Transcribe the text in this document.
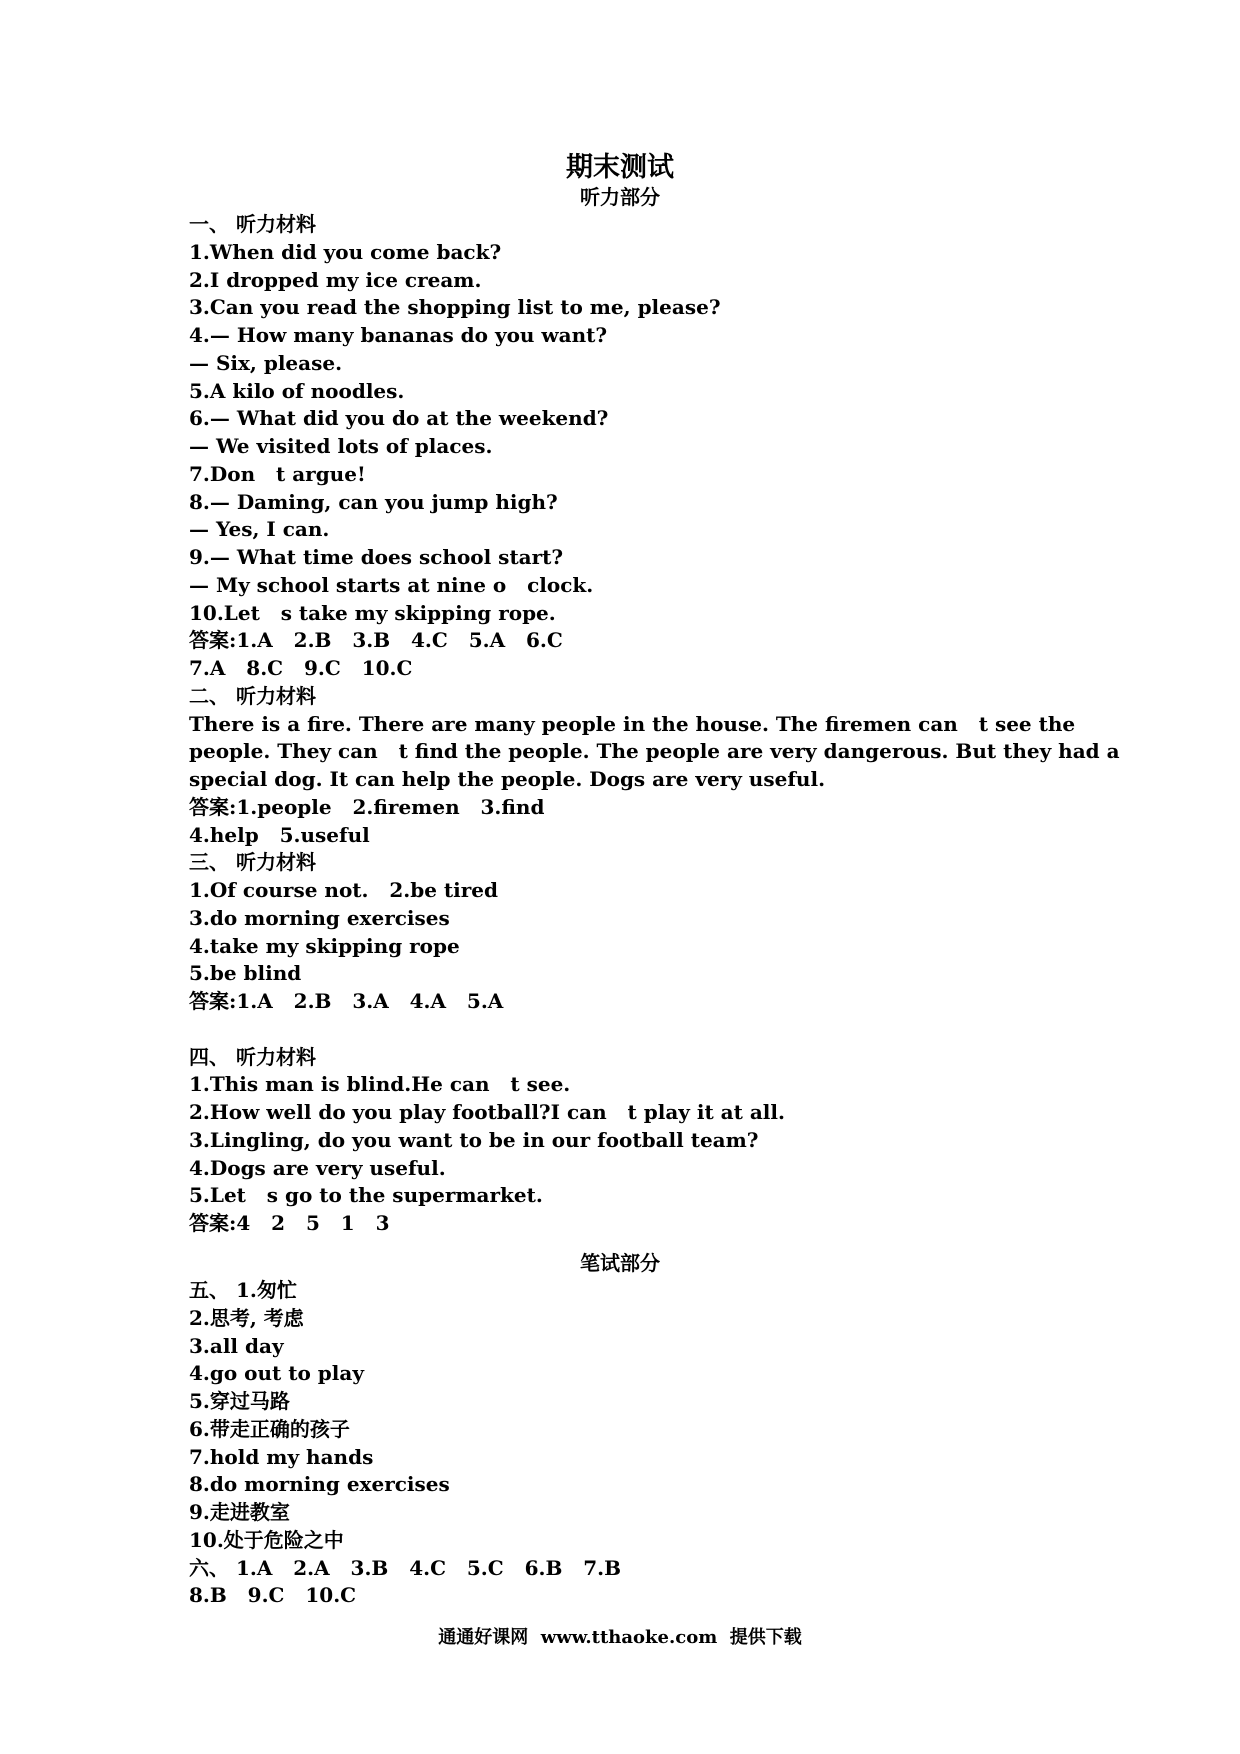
期末测试
听力部分
一、 听力材料
1.When did you come back?
2.I dropped my ice cream.
3.Can you read the shopping list to me, please?
4.— How many bananas do you want?
— Six, please.
5.A kilo of noodles.
6.— What did you do at the weekend?
— We visited lots of places.
7.Don   t argue!
8.— Daming, can you jump high?
— Yes, I can.
9.— What time does school start?
— My school starts at nine o   clock.
10.Let   s take my skipping rope.
答案:1.A   2.B   3.B   4.C   5.A   6.C
7.A   8.C   9.C   10.C
二、 听力材料
There is a fire. There are many people in the house. The firemen can   t see the
people. They can   t find the people. The people are very dangerous. But they had a
special dog. It can help the people. Dogs are very useful.
答案:1.people   2.firemen   3.find
4.help   5.useful
三、 听力材料
1.Of course not.   2.be tired
3.do morning exercises
4.take my skipping rope
5.be blind
答案:1.A   2.B   3.A   4.A   5.A
四、 听力材料
1.This man is blind.He can   t see.
2.How well do you play football?I can   t play it at all.
3.Lingling, do you want to be in our football team?
4.Dogs are very useful.
5.Let   s go to the supermarket.
答案:4   2   5   1   3
笔试部分
五、 1.匆忙
2.思考, 考虑
3.all day
4.go out to play
5.穿过马路
6.带走正确的孩子
7.hold my hands
8.do morning exercises
9.走进教室
10.处于危险之中
六、 1.A   2.A   3.B   4.C   5.C   6.B   7.B
8.B   9.C   10.C
通通好课网  www.tthaoke.com  提供下载
